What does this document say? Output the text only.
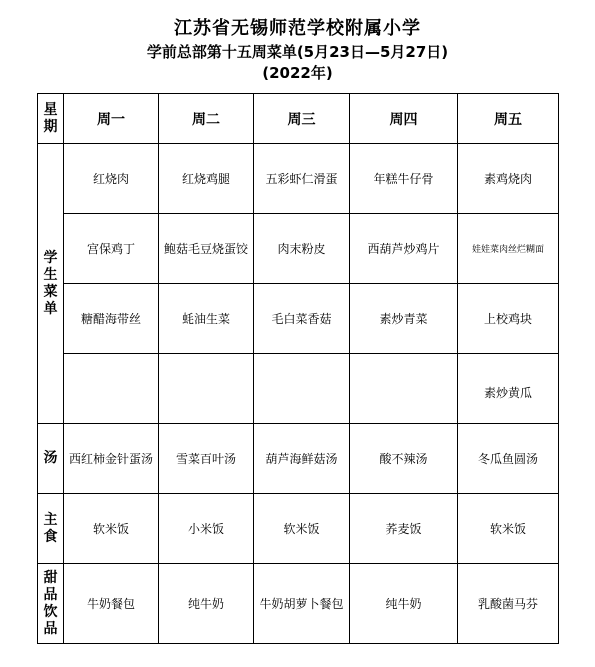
江苏省无锡师范学校附属小学
学前总部第十五周菜单(5月23日—5月27日)
(2022年)
星期	周一	周二	周三	周四	周五
学生菜单	红烧肉	红烧鸡腿	五彩虾仁滑蛋	年糕牛仔骨	素鸡烧肉
	宫保鸡丁	鲍菇毛豆烧蛋饺	肉末粉皮	西葫芦炒鸡片	娃娃菜肉丝烂糊面
	糖醋海带丝	蚝油生菜	毛白菜香菇	素炒青菜	上校鸡块
					素炒黄瓜
汤	西红柿金针蛋汤	雪菜百叶汤	葫芦海鲜菇汤	酸不辣汤	冬瓜鱼圆汤
主食	软米饭	小米饭	软米饭	荞麦饭	软米饭
甜品饮品	牛奶餐包	纯牛奶	牛奶胡萝卜餐包	纯牛奶	乳酸菌马芬
